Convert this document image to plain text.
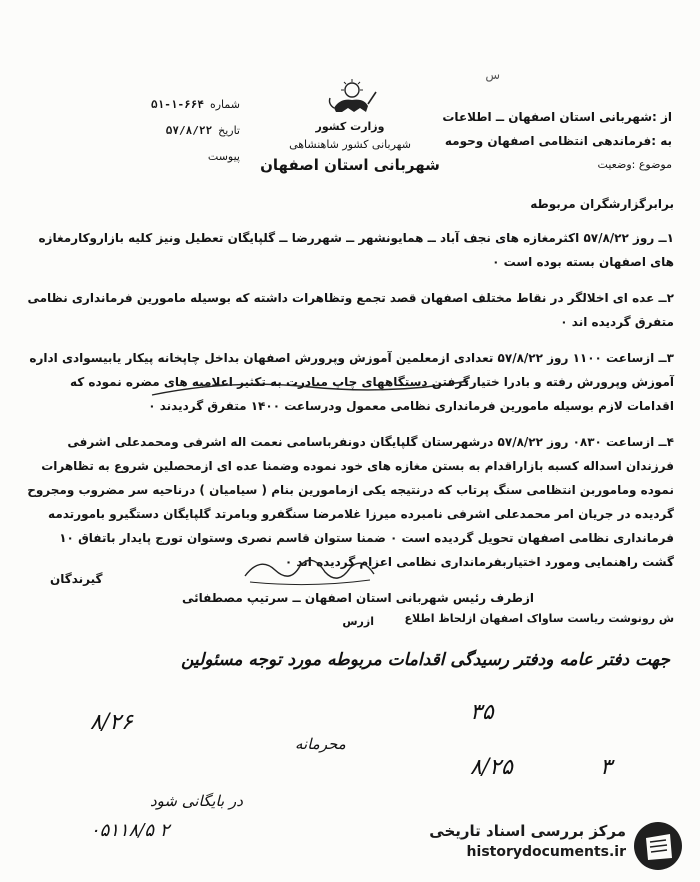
س
از :شهربانی استان اصفهان ــ اطلاعات
به :فرماندهی انتظامی اصفهان وحومه
موضوع :وضعیت
وزارت کشور
شهربانی کشور شاهنشاهی
شهربانی استان اصفهان
شماره
۵۱-۱-۶۶۴
تاریخ
۵۷/۸/۲۲
پیوست

برابرگزارشگران مربوطه

۱ــ روز ۵۷/۸/۲۲ اکثرمغازه های نجف آباد ــ همایونشهر ــ شهررضا ــ گلپایگان تعطیل ونیز کلیه بازاروکارمغازه های اصفهان بسته بوده است ۰

۲ــ عده ای اخلالگر در نقاط مختلف اصفهان قصد تجمع وتظاهرات داشته که بوسیله مامورین فرمانداری نظامی متفرق گردیده اند ۰

۳ــ ازساعت ۱۱۰۰ روز ۵۷/۸/۲۲ تعدادی ازمعلمین آموزش وپرورش اصفهان بداخل چاپخانه پیکار یابیسوادی اداره آموزش وپرورش رفته و بادرا ختیارگرفتن دستگاههای چاپ مبادرت به تکثیر اعلامیه های مضره نموده که اقدامات لازم بوسیله مامورین فرمانداری نظامی معمول ودرساعت ۱۴۰۰ متفرق گردیدند ۰

۴ــ ازساعت ۰۸۳۰ روز ۵۷/۸/۲۲ درشهرستان گلپایگان دونفرباسامی نعمت اله اشرفی ومحمدعلی اشرفی فرزندان اسداله کسبه بازاراقدام به بستن مغازه های خود نموده وضمنا عده ای ازمحصلین شروع به تظاهرات نموده وماموربن انتظامی سنگ پرتاب که درنتیجه یکی ازمامورین بنام ( سیامیان ) درناحیه سر مضروب ومجروح گردیده در جریان امر محمدعلی اشرفی نامبرده میرزا غلامرضا سنگفرو وبامرتد گلپایگان دستگیرو بامورتدمه فرمانداری نظامی اصفهان تحویل گردیده است ۰ ضمنا ستوان قاسم نصری وستوان تورج پایدار باتفاق ۱۰ گشت راهنمایی ومورد اختیاربفرمانداری نظامی اعزام گردیده اند ۰

ازطرف رئیس شهربانی استان اصفهان ــ سرتیپ مصطفائی

ازرس

گیرندگان
ش رونوشت ریاست ساواک اصفهان ازلحاظ اطلاع
جهت دفتر عامه ودفتر رسیدگی اقدامات مربوطه مورد توجه مسئولین
۸/۲۶	۳۵
۸/۲۵	۳
محرمانه
در بایگانی شود
۰۵۱۱۸/۵ ۲	مرکز بررسی اسناد تاریخی
historydocuments.ir
